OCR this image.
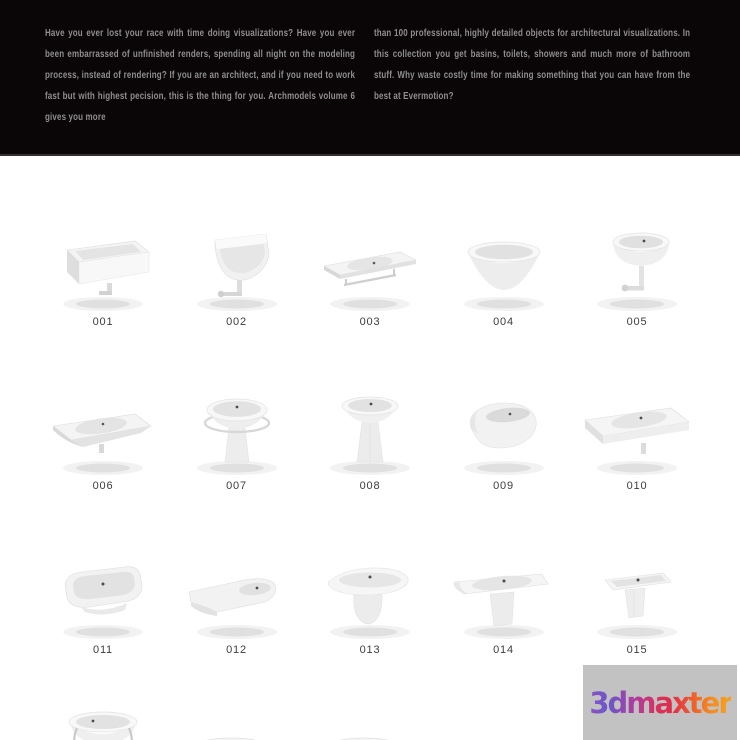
Have you ever lost your race with time doing visualizations? Have you ever been embarrassed of unfinished renders, spending all night on the modeling process, instead of rendering? If you are an architect, and if you need to work fast but with highest pecision, this is the thing for you. Archmodels volume 6 gives you more
than 100 professional, highly detailed objects for architectural visualizations. In this collection you get basins, toilets, showers and much more of bathroom stuff. Why waste costly time for making something that you can have from the best at Evermotion?
001	002	003	004	005
006	007	008	009	010
011	012	013	014	015
3dmaxter
